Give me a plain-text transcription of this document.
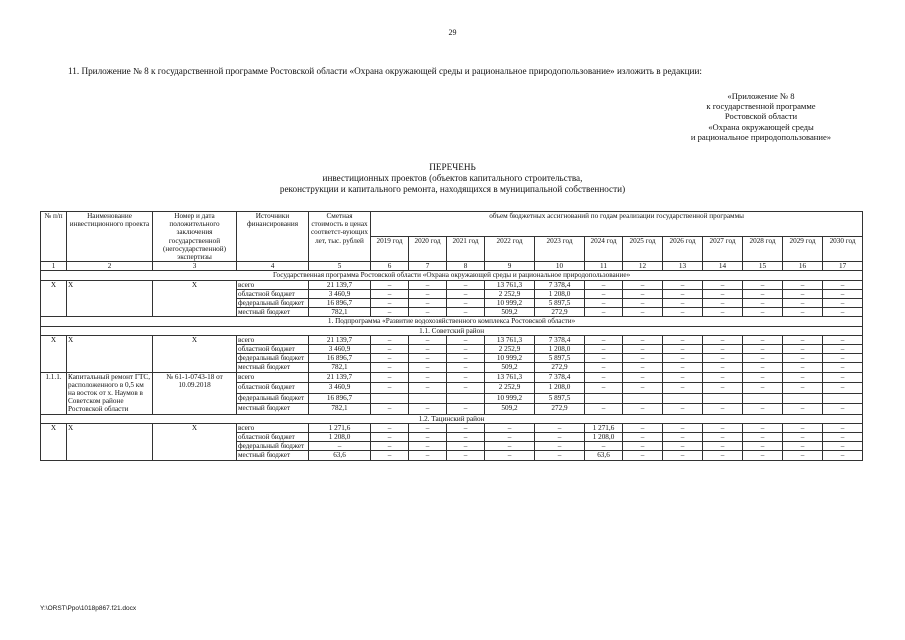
29
11. Приложение № 8 к государственной программе Ростовской области «Охрана окружающей среды и рациональное природопользование» изложить в редакции:
«Приложение № 8
к государственной программе
Ростовской области
«Охрана окружающей среды
и рациональное природопользование»
ПЕРЕЧЕНЬ
инвестиционных проектов (объектов капитального строительства,
реконструкции и капитального ремонта, находящихся в муниципальной собственности)
№ п/п	Наименование инвестиционного проекта	Номер и дата положительного заключения государственной (негосударственной) экспертизы	Источники финансирования	Сметная стоимость в ценах соответст-вующих лет, тыс. рублей	объем бюджетных ассигнований по годам реализации государственной программы											
					2019 год	2020 год	2021 год	2022 год	2023 год	2024 год	2025 год	2026 год	2027 год	2028 год	2029 год	2030 год
1	2	3	4	5	6	7	8	9	10	11	12	13	14	15	16	17
Государственная программа Ростовской области «Охрана окружающей среды и рациональное природопользование»																
Х	Х	Х	всего	21 139,7	–	–	–	13 761,3	7 378,4	–	–	–	–	–	–	–
			областной бюджет	3 460,9	–	–	–	2 252,9	1 208,0	–	–	–	–	–	–	–
			федеральный бюджет	16 896,7	–	–	–	10 999,2	5 897,5	–	–	–	–	–	–	–
			местный бюджет	782,1	–	–	–	509,2	272,9	–	–	–	–	–	–	–
1. Подпрограмма «Развитие водохозяйственного комплекса Ростовской области»																
1.1. Советский район																
Х	Х	Х	всего	21 139,7	–	–	–	13 761,3	7 378,4	–	–	–	–	–	–	–
			областной бюджет	3 460,9	–	–	–	2 252,9	1 208,0	–	–	–	–	–	–	–
			федеральный бюджет	16 896,7	–	–	–	10 999,2	5 897,5	–	–	–	–	–	–	–
			местный бюджет	782,1	–	–	–	509,2	272,9	–	–	–	–	–	–	–
1.1.1.	Капитальный ремонт ГТС, расположенного в 0,5 км на восток от х. Наумов в Советском районе Ростовской области	№ 61-1-0743-18 от 10.09.2018	всего	21 139,7	–	–	–	13 761,3	7 378,4	–	–	–	–	–	–	–
			областной бюджет	3 460,9	–	–	–	2 252,9	1 208,0	–	–	–	–	–	–	–
			федеральный бюджет	16 896,7				10 999,2	5 897,5							
			местный бюджет	782,1	–	–	–	509,2	272,9	–	–	–	–	–	–	–
1.2. Тацинский район																
Х	Х	Х	всего	1 271,6	–	–	–	–	–	1 271,6	–	–	–	–	–	–
			областной бюджет	1 208,0	–	–	–	–	–	1 208,0	–	–	–	–	–	–
			федеральный бюджет	–	–	–	–	–	–	–	–	–	–	–	–	–
			местный бюджет	63,6	–	–	–	–	–	63,6	–	–	–	–	–	–
Y:\ORST\Ppo\1018p867.f21.docx
